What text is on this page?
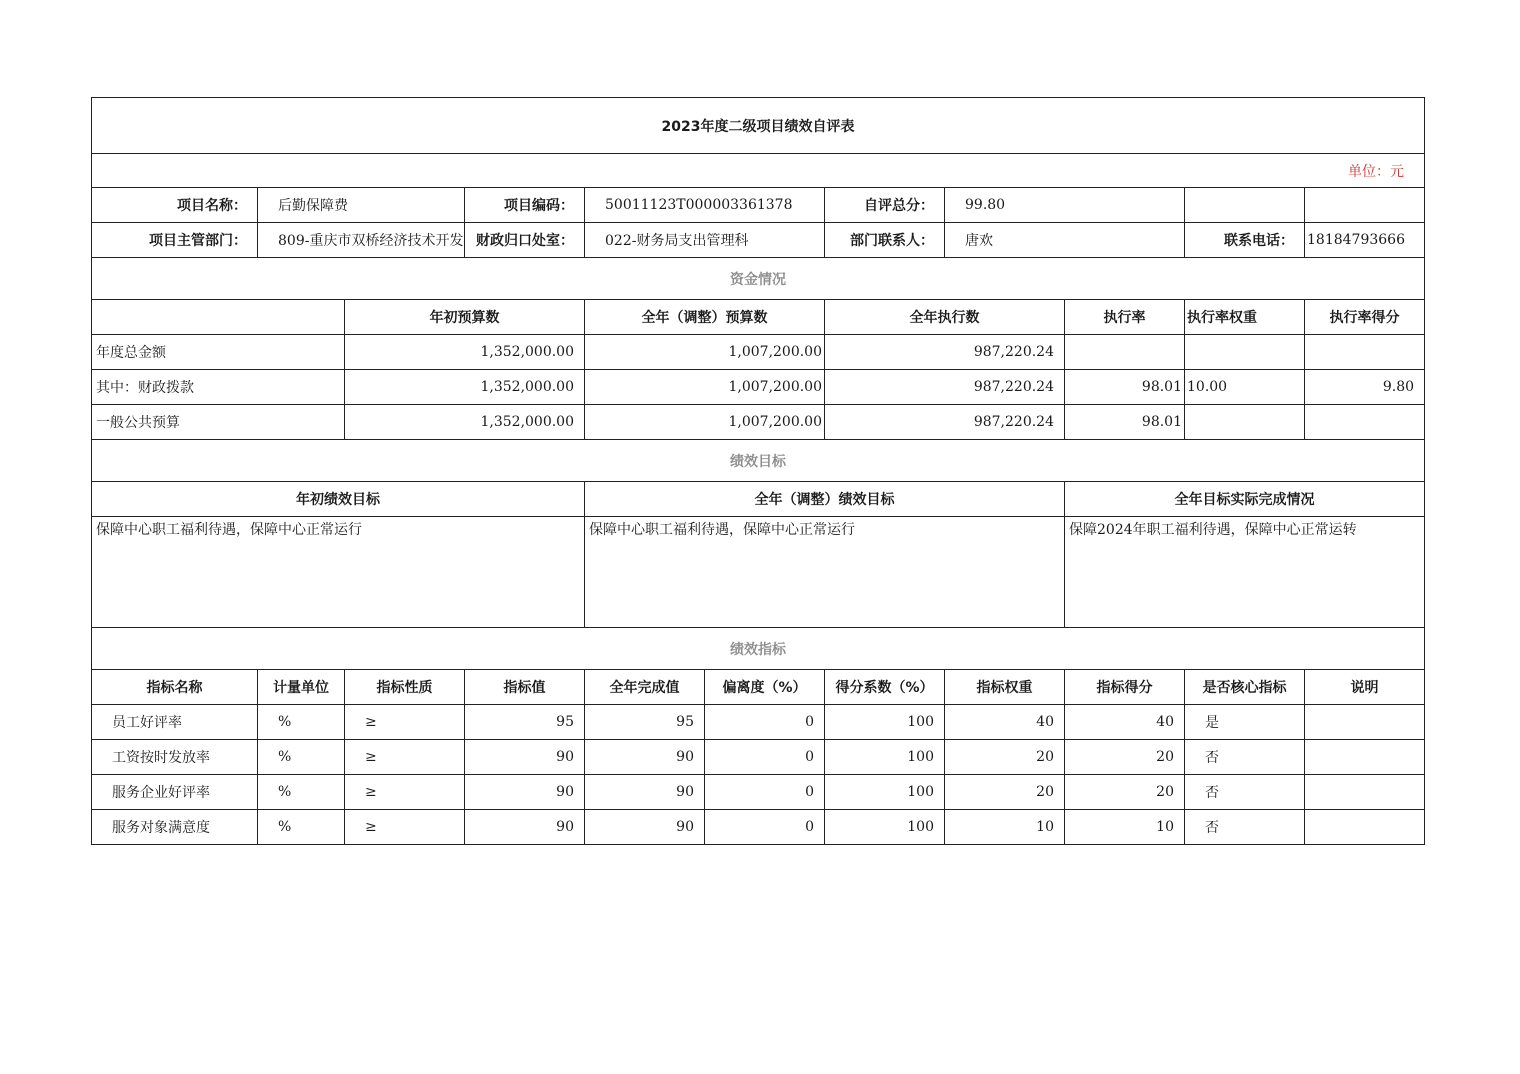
2023年度二级项目绩效自评表										
单位：元										
项目名称：	后勤保障费		项目编码：	50011123T000003361378		自评总分：	99.80			
项目主管部门：	809-重庆市双桥经济技术开发		财政归口处室：	022-财务局支出管理科		部门联系人：	唐欢		联系电话：	18184793666
资金情况										
		年初预算数		全年（调整）预算数		全年执行数		执行率	执行率权重	执行率得分
年度总金额		1,352,000.00		1,007,200.00		987,220.24				
其中：财政拨款		1,352,000.00		1,007,200.00		987,220.24		98.01	10.00	9.80
一般公共预算		1,352,000.00		1,007,200.00		987,220.24		98.01		
绩效目标										
年初绩效目标				全年（调整）绩效目标				全年目标实际完成情况		
保障中心职工福利待遇，保障中心正常运行				保障中心职工福利待遇，保障中心正常运行				保障2024年职工福利待遇，保障中心正常运转		
绩效指标										
指标名称	计量单位	指标性质	指标值	全年完成值	偏离度（%）	得分系数（%）	指标权重	指标得分	是否核心指标	说明
员工好评率	%	≥	95	95	0	100	40	40	是	
工资按时发放率	%	≥	90	90	0	100	20	20	否	
服务企业好评率	%	≥	90	90	0	100	20	20	否	
服务对象满意度	%	≥	90	90	0	100	10	10	否	
